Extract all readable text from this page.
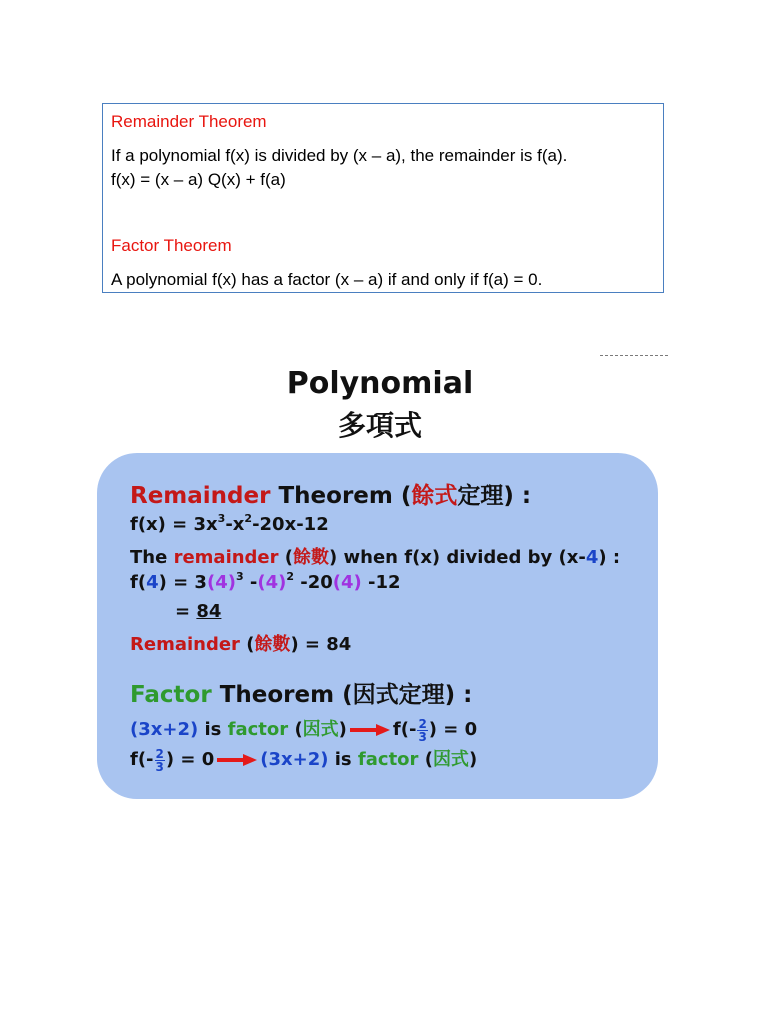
Remainder Theorem

If a polynomial f(x) is divided by (x – a), the remainder is f(a).

f(x) = (x – a) Q(x) + f(a)

Factor Theorem

A polynomial f(x) has a factor (x – a) if and only if f(a) = 0.

Polynomial
多項式
Remainder Theorem (餘式定理) :
$f(x) = 3x^3-x^2-20x-12$
The remainder (餘數) when f(x) divided by (x-4) :
$f(4) = 3(4)^3$ $-(4)^2$ -20(4) -12
= 84
Remainder (餘數) = 84
Factor Theorem (因式定理) :
(3x+2) is factor (因式)	$f(- \frac{2}{3}$ ) = 0
$f(- \frac{2}{3}$ ) = 0	(3x+2) is factor (因式)
